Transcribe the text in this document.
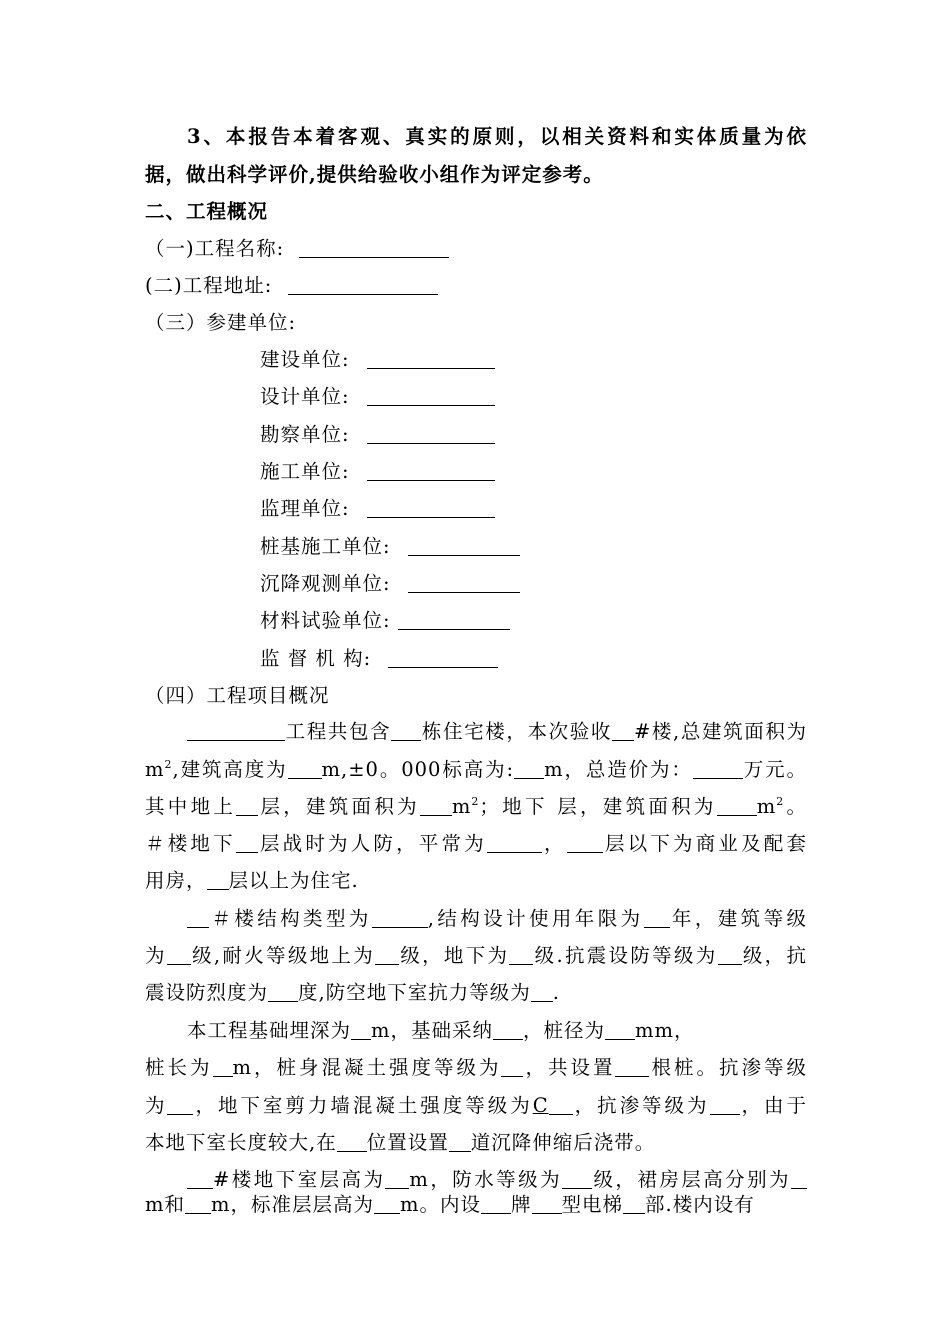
3、本报告本着客观、真实的原则，以相关资料和实体质量为依
据，做出科学评价,提供给验收小组作为评定参考。
二、工程概况
（一)工程名称:
(二)工程地址:
（三）参建单位:
建设单位:
设计单位:
勘察单位:
施工单位:
监理单位:
桩基施工单位:
沉降观测单位:
材料试验单位:
监 督 机 构:
（四）工程项目概况
工程共包含 栋住宅楼，本次验收 #楼,总建筑面积为
$m^2$,建筑高度为 m,±0。000标高为: m，总造价为：	万元。
其中地上 层，建筑面积为 $m^2$；地下 层，建筑面积为 $m^2$。
＃楼地下 层战时为人防，平常为	， 层以下为商业及配套
用房， 层以上为住宅.
＃楼结构类型为	,结构设计使用年限为 年，建筑等级
为 级,耐火等级地上为 级，地下为 级.抗震设防等级为 级，抗
震设防烈度为 度,防空地下室抗力等级为 .
本工程基础埋深为 m，基础采纳 ，桩径为 mm，
桩长为 m，桩身混凝土强度等级为 ，共设置 根桩。抗渗等级
为 ，地下室剪力墙混凝土强度等级为C ，抗渗等级为 ，由于
本地下室长度较大,在 位置设置 道沉降伸缩后浇带。
#楼地下室层高为 m，防水等级为 级，裙房层高分别为
m和 m，标准层层高为 m。内设 牌 型电梯 部.楼内设有
